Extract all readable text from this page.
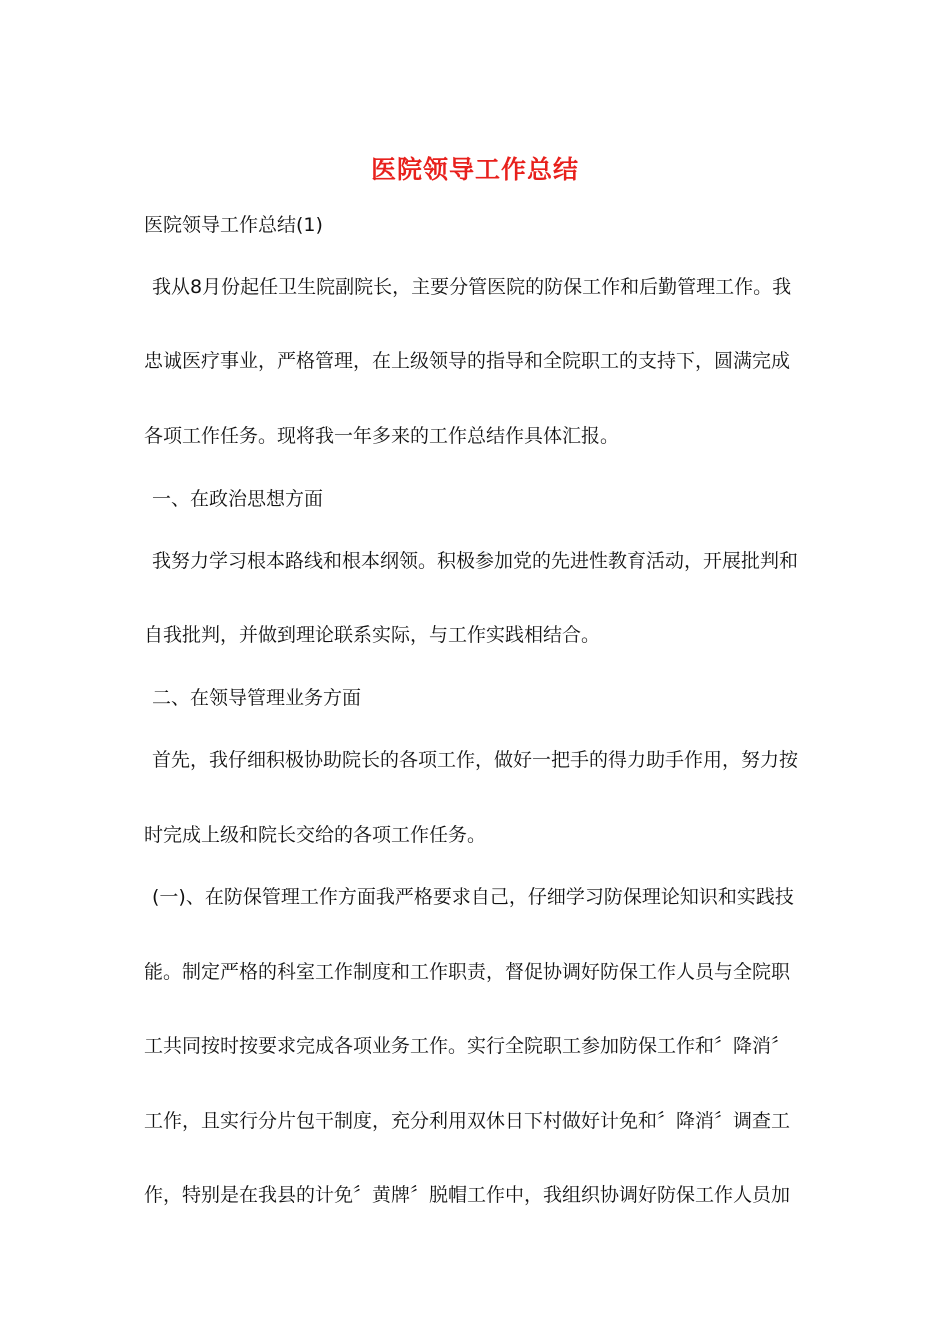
医院领导工作总结
医院领导工作总结(1)
我从8月份起任卫生院副院长，主要分管医院的防保工作和后勤管理工作。我
忠诚医疗事业，严格管理，在上级领导的指导和全院职工的支持下，圆满完成
各项工作任务。现将我一年多来的工作总结作具体汇报。
一、在政治思想方面
我努力学习根本路线和根本纲领。积极参加党的先进性教育活动，开展批判和
自我批判，并做到理论联系实际，与工作实践相结合。
二、在领导管理业务方面
首先，我仔细积极协助院长的各项工作，做好一把手的得力助手作用，努力按
时完成上级和院长交给的各项工作任务。
(一)、在防保管理工作方面我严格要求自己，仔细学习防保理论知识和实践技
能。制定严格的科室工作制度和工作职责，督促协调好防保工作人员与全院职
工共同按时按要求完成各项业务工作。实行全院职工参加防保工作和〞降消〞
工作，且实行分片包干制度，充分利用双休日下村做好计免和〞降消〞调查工
作，特别是在我县的计免〞黄牌〞脱帽工作中，我组织协调好防保工作人员加
